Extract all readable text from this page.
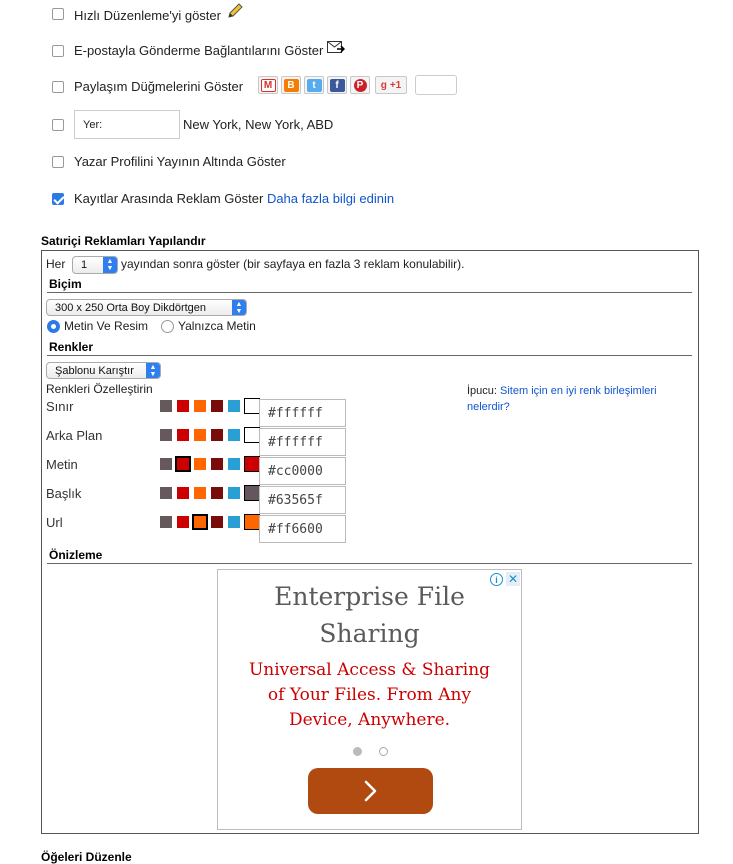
Hızlı Düzenleme'yi göster
E-postayla Gönderme Bağlantılarını Göster
Paylaşım Düğmelerini Göster	M	B	t	f	P	g +1
Yer:	New York, New York, ABD
Yazar Profilini Yayının Altında Göster
Kayıtlar Arasında Reklam Göster Daha fazla bilgi edinin
Satıriçi Reklamları Yapılandır
Her 1	▲
▼ yayından sonra göster (bir sayfaya en fazla 3 reklam konulabilir).
Biçim
300 x 250 Orta Boy Dikdörtgen	▲
▼
Metin Ve Resim Yalnızca Metin
Renkler
Şablonu Karıştır	▲
▼
Renkleri Özelleştirin	İpucu: Sitem için en iyi renk birleşimleri nelerdir?
Sınır	#ffffff
Arka Plan	#ffffff
Metin	#cc0000
Başlık	#63565f
Url	#ff6600
Önizleme
i ✕
Enterprise File Sharing
Universal Access & Sharing of Your Files. From Any Device, Anywhere.
Öğeleri Düzenle
